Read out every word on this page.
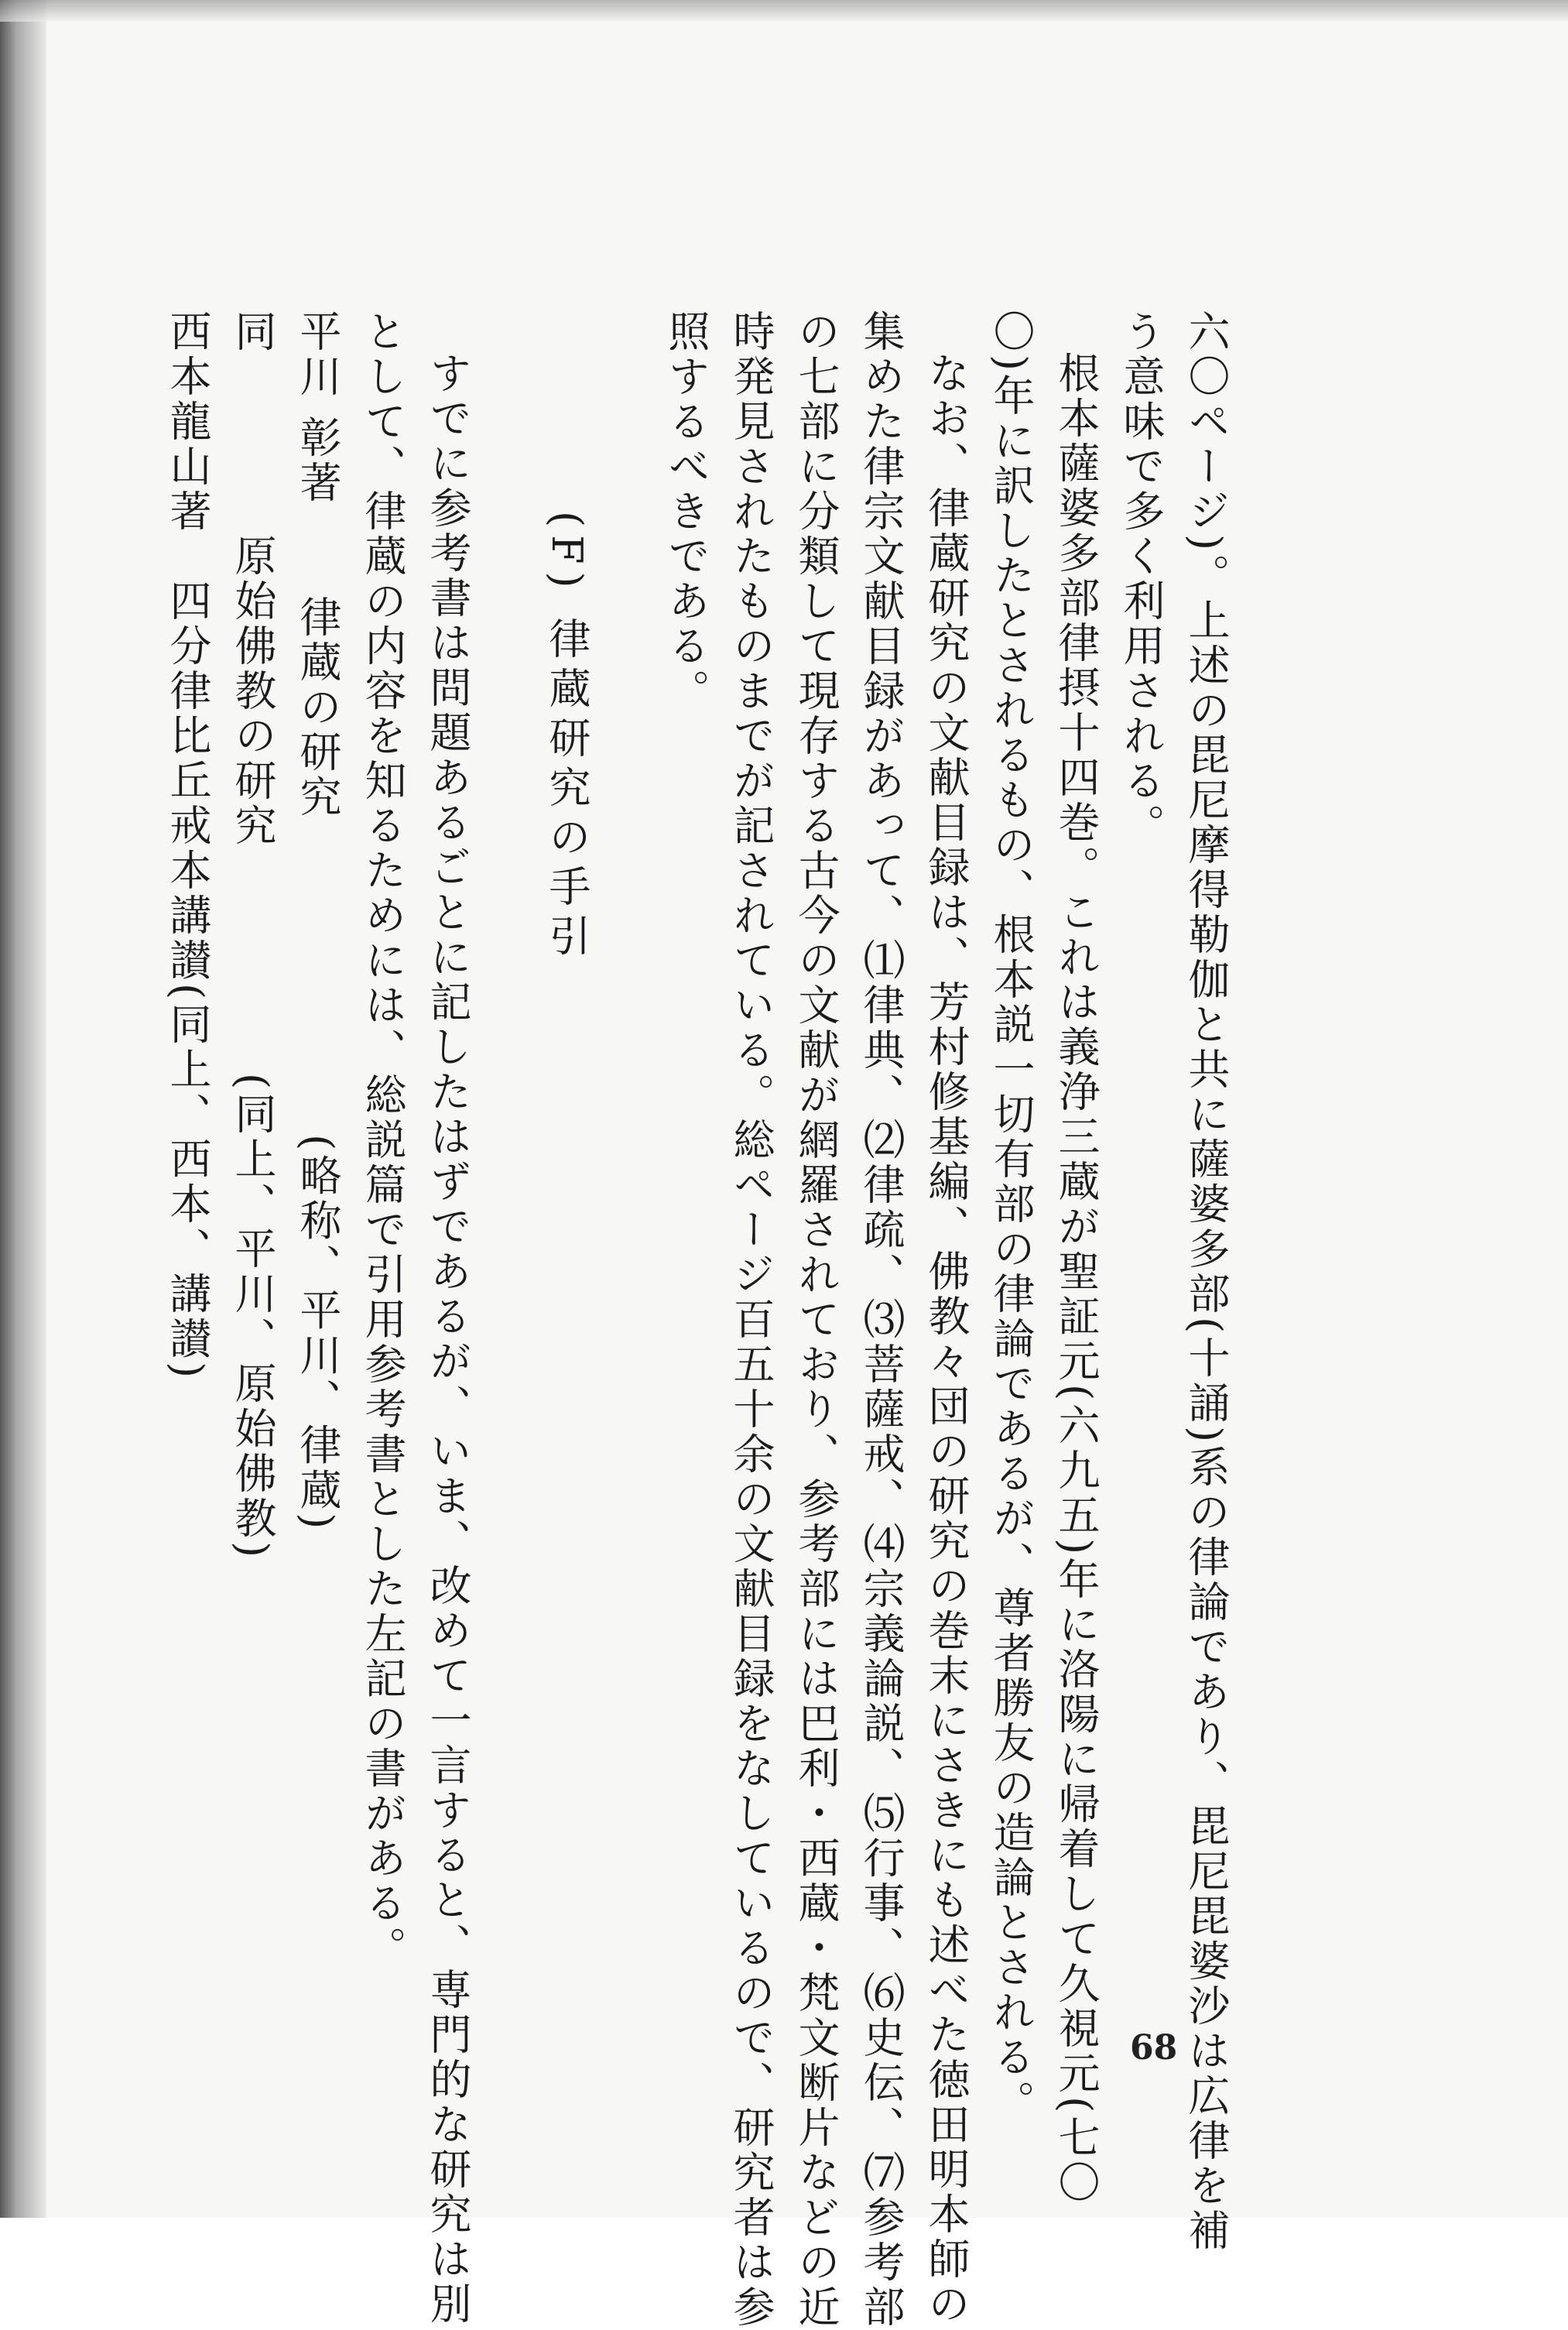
六〇ページ)。上述の毘尼摩得勒伽と共に薩婆多部(十誦)系の律論であり、毘尼毘婆沙は広律を補
う意味で多く利用される。
根本薩婆多部律摂十四巻。これは義浄三蔵が聖証元(六九五)年に洛陽に帰着して久視元(七〇
〇)年に訳したとされるもの、根本説一切有部の律論であるが、尊者勝友の造論とされる。
なお、律蔵研究の文献目録は、芳村修基編、佛教々団の研究の巻末にさきにも述べた徳田明本師の
集めた律宗文献目録があって、⑴律典、⑵律疏、⑶菩薩戒、⑷宗義論説、⑸行事、⑹史伝、⑺参考部
の七部に分類して現存する古今の文献が網羅されており、参考部には巴利・西蔵・梵文断片などの近
時発見されたものまでが記されている。総ページ百五十余の文献目録をなしているので、研究者は参
照するべきである。
(F) 律蔵研究の手引
すでに参考書は問題あるごとに記したはずであるが、いま、改めて一言すると、専門的な研究は別
として、律蔵の内容を知るためには、総説篇で引用参考書とした左記の書がある。
平川 彰著　　律蔵の研究　　　　　　　(略称、平川、律蔵)
同　　　　原始佛教の研究　　　　　(同上、平川、原始佛教)
西本龍山著　四分律比丘戒本講讃(同上、西本、講讃)
68
